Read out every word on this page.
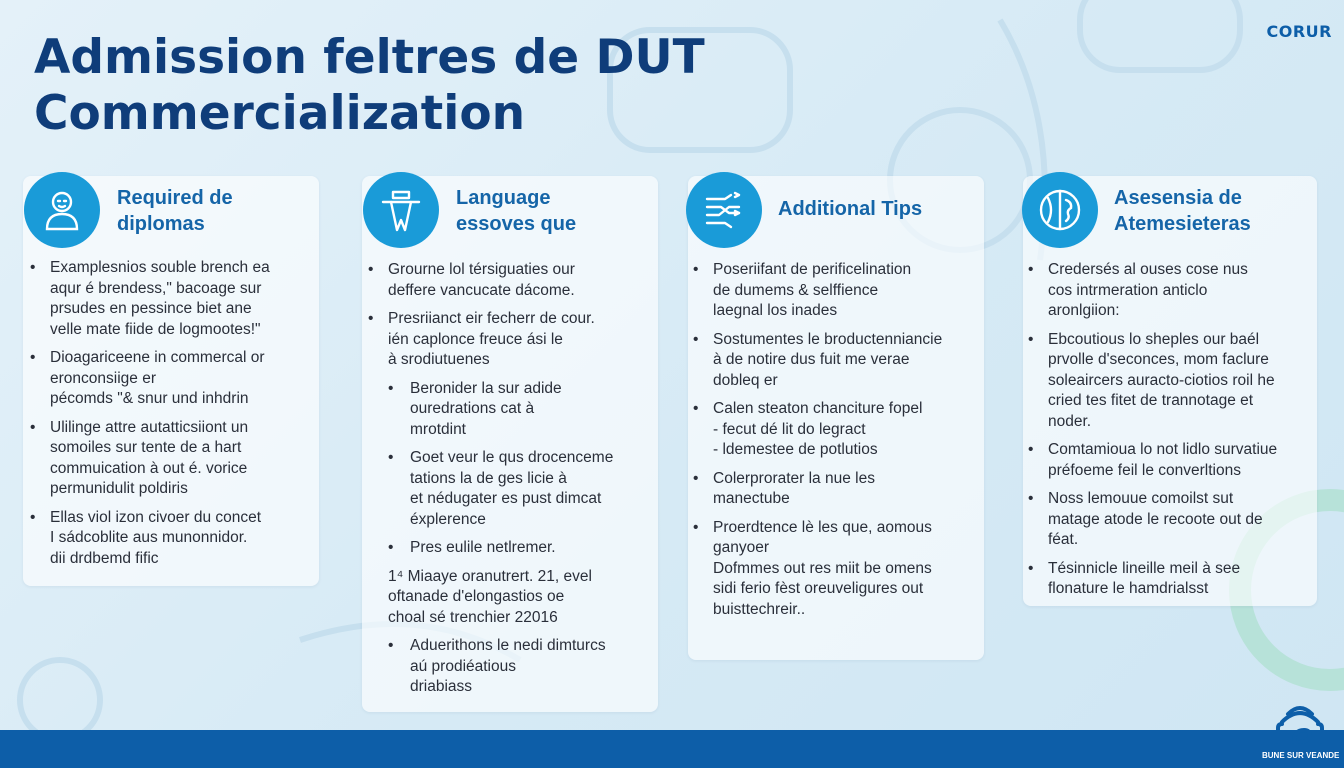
CORUR
Admission feltres de DUT
Commercialization
Required de
diplomas
• Examplesnios souble brench ea
aqur é brendess," bacoage sur
prsudes en pessince biet ane
velle mate fiide de logmootes!"
• Dioagariceene in commercal or
eronconsiige er
pécomds "& snur und inhdrin
• Ulilinge attre autatticsiiont un
somoiles sur tente de a hart
commuication à out é. vorice
permunidulit poldiris
• Ellas viol izon civoer du concet
I sádcoblite aus munonnidor.
dii drdbemd fific
Language
essoves que
• Grourne lol térsiguaties our
deffere vancucate dácome.
• Presriianct eir fecherr de cour.
ién caplonce freuce ási le
à srodiutuenes
• Beronider la sur adide
ouredrations cat à
mrotdint
• Goet veur le qus drocenceme
tations la de ges licie à
et nédugater es pust dimcat
éxplerence
• Pres eulile netlremer.
1⁴ Miaaye oranutrert. 21, evel
oftanade d'elongastios oe
choal sé trenchier 22016
• Aduerithons le nedi dimturcs
aú prodiéatious
driabiass
Additional Tips
• Poseriifant de perificelination
de dumems & selffience
laegnal los inades
• Sostumentes le broductenniancie
à de notire dus fuit me verae
dobleq er
• Calen steaton chanciture fopel
- fecut dé lit do legract
- ldemestee de potlutios
• Colerprorater la nue les
manectube
• Proerdtence lè les que, aomous
ganyoer
Dofmmes out res miit be omens
sidi ferio fèst oreuveligures out
buisttechreir..
Asesensia de
Atemesieteras
• Credersés al ouses cose nus
cos intrmeration anticlo
aronlgiion:
• Ebcoutious lo sheples our baél
prvolle d'seconces, mom faclure
soleaircers auracto-ciotios roil he
cried tes fitet de trannotage et
noder.
• Comtamioua lo not lidlo survatiue
préfoeme feil le converltions
• Noss lemouue comoilst sut
matage atode le recoote out de
féat.
• Tésinnicle lineille meil à see
flonature le hamdrialsst
BUNE SUR VEANDE
